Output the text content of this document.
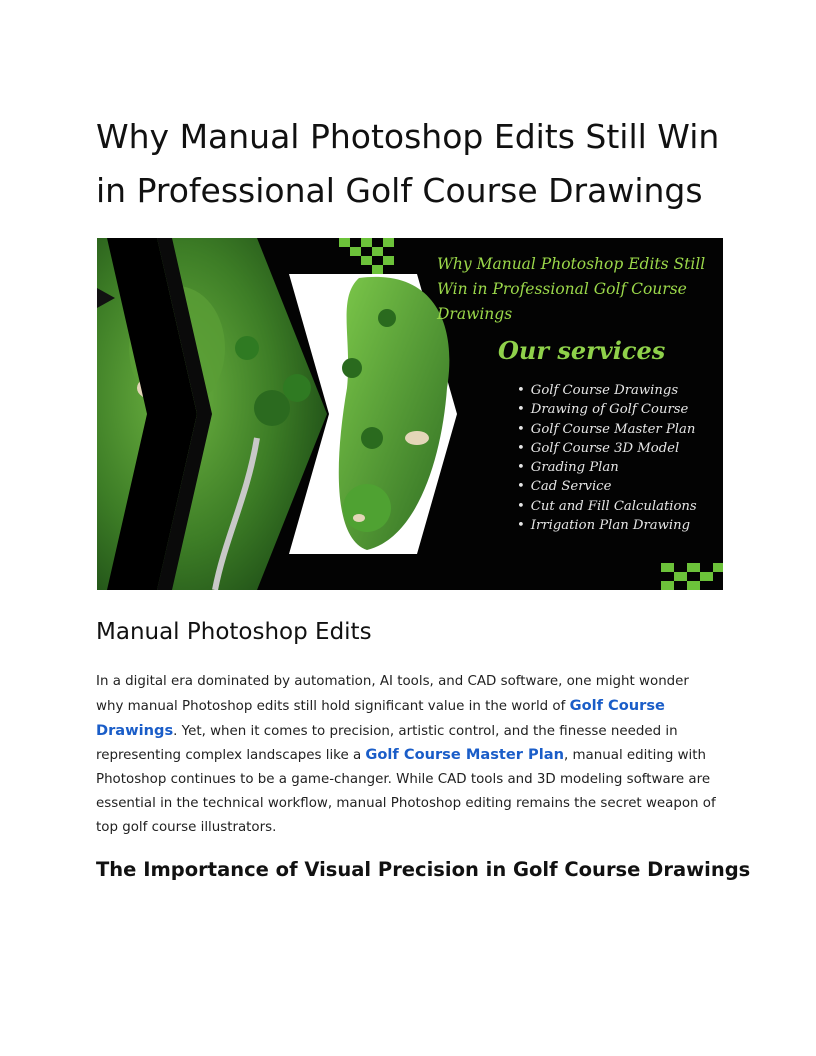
Why Manual Photoshop Edits Still Win in Professional Golf Course Drawings
Why Manual Photoshop Edits Still Win in Professional Golf Course Drawings
Our services
• Golf Course Drawings
• Drawing of Golf Course
• Golf Course Master Plan
• Golf Course 3D Model
• Grading Plan
• Cad Service
• Cut and Fill Calculations
• Irrigation Plan Drawing
Manual Photoshop Edits

In a digital era dominated by automation, AI tools, and CAD software, one might wonder why manual Photoshop edits still hold significant value in the world of Golf Course Drawings. Yet, when it comes to precision, artistic control, and the finesse needed in representing complex landscapes like a Golf Course Master Plan, manual editing with Photoshop continues to be a game-changer. While CAD tools and 3D modeling software are essential in the technical workflow, manual Photoshop editing remains the secret weapon of top golf course illustrators.

The Importance of Visual Precision in Golf Course Drawings
